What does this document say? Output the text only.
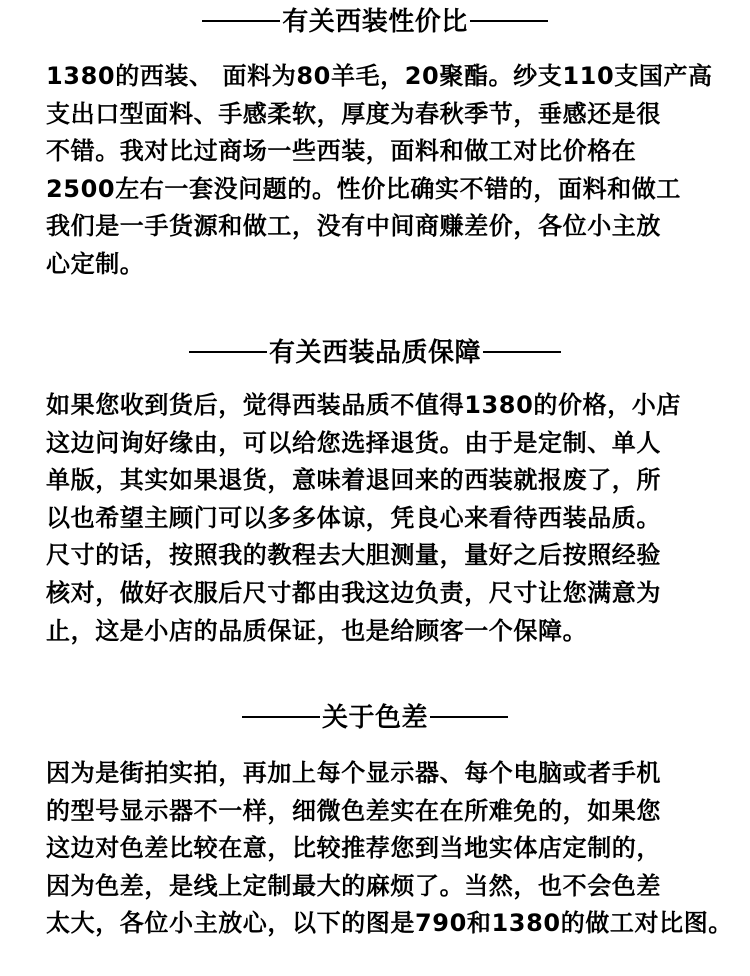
有关西装性价比

1380的西装、 面料为80羊毛，20聚酯。纱支110支国产高
支出口型面料、手感柔软，厚度为春秋季节，垂感还是很
不错。我对比过商场一些西装，面料和做工对比价格在
2500左右一套没问题的。性价比确实不错的，面料和做工
我们是一手货源和做工，没有中间商赚差价，各位小主放
心定制。

有关西装品质保障

如果您收到货后，觉得西装品质不值得1380的价格，小店
这边问询好缘由，可以给您选择退货。由于是定制、单人
单版，其实如果退货，意味着退回来的西装就报废了，所
以也希望主顾门可以多多体谅，凭良心来看待西装品质。
尺寸的话，按照我的教程去大胆测量，量好之后按照经验
核对，做好衣服后尺寸都由我这边负责，尺寸让您满意为
止，这是小店的品质保证，也是给顾客一个保障。

关于色差

因为是街拍实拍，再加上每个显示器、每个电脑或者手机
的型号显示器不一样，细微色差实在在所难免的，如果您
这边对色差比较在意，比较推荐您到当地实体店定制的，
因为色差，是线上定制最大的麻烦了。当然，也不会色差
太大，各位小主放心，以下的图是790和1380的做工对比图。
